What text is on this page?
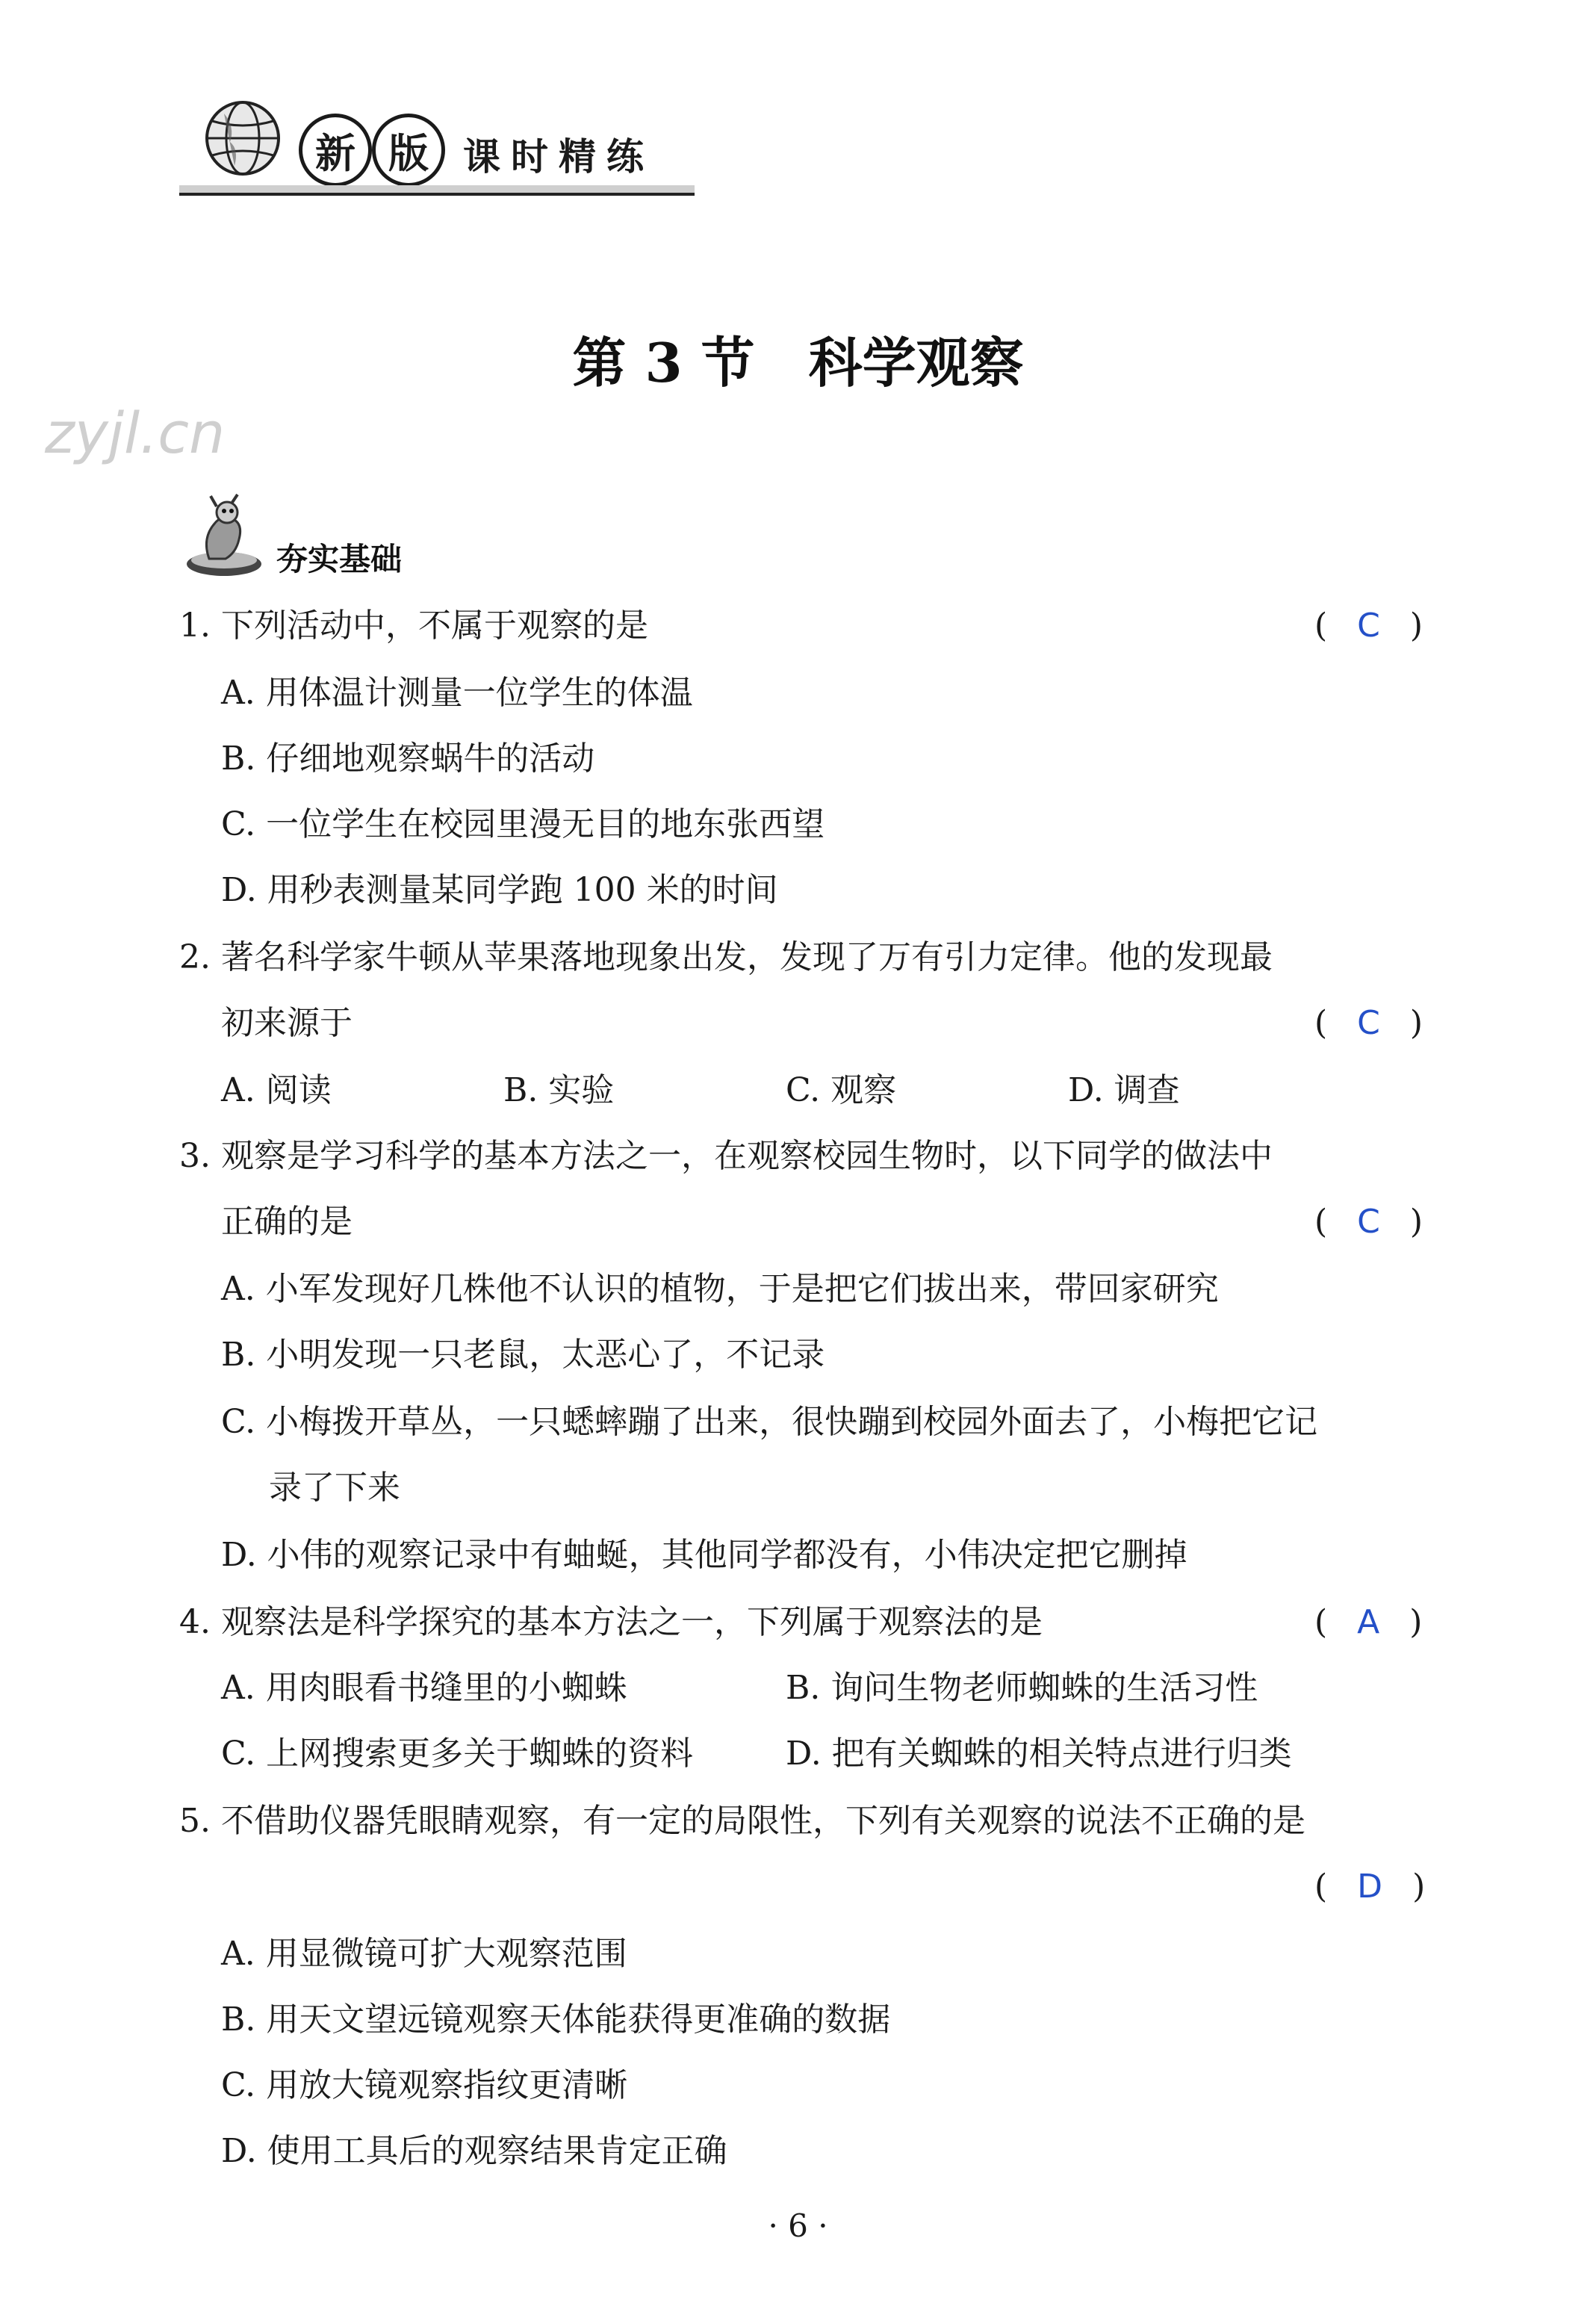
新 版 课时精练
第 3 节　科学观察
zyjl.cn
夯实基础
1. 下列活动中，不属于观察的是	( C )
A. 用体温计测量一位学生的体温
B. 仔细地观察蜗牛的活动
C. 一位学生在校园里漫无目的地东张西望
D. 用秒表测量某同学跑 100 米的时间
2. 著名科学家牛顿从苹果落地现象出发，发现了万有引力定律。他的发现最
初来源于	( C )
A. 阅读	B. 实验	C. 观察	D. 调查
3. 观察是学习科学的基本方法之一，在观察校园生物时，以下同学的做法中
正确的是	( C )
A. 小军发现好几株他不认识的植物，于是把它们拔出来，带回家研究
B. 小明发现一只老鼠，太恶心了，不记录
C. 小梅拨开草丛，一只蟋蟀蹦了出来，很快蹦到校园外面去了，小梅把它记
录了下来
D. 小伟的观察记录中有蚰蜒，其他同学都没有，小伟决定把它删掉
4. 观察法是科学探究的基本方法之一，下列属于观察法的是	( A )
A. 用肉眼看书缝里的小蜘蛛	B. 询问生物老师蜘蛛的生活习性
C. 上网搜索更多关于蜘蛛的资料	D. 把有关蜘蛛的相关特点进行归类
5. 不借助仪器凭眼睛观察，有一定的局限性，下列有关观察的说法不正确的是
( D )
A. 用显微镜可扩大观察范围
B. 用天文望远镜观察天体能获得更准确的数据
C. 用放大镜观察指纹更清晰
D. 使用工具后的观察结果肯定正确
· 6 ·
